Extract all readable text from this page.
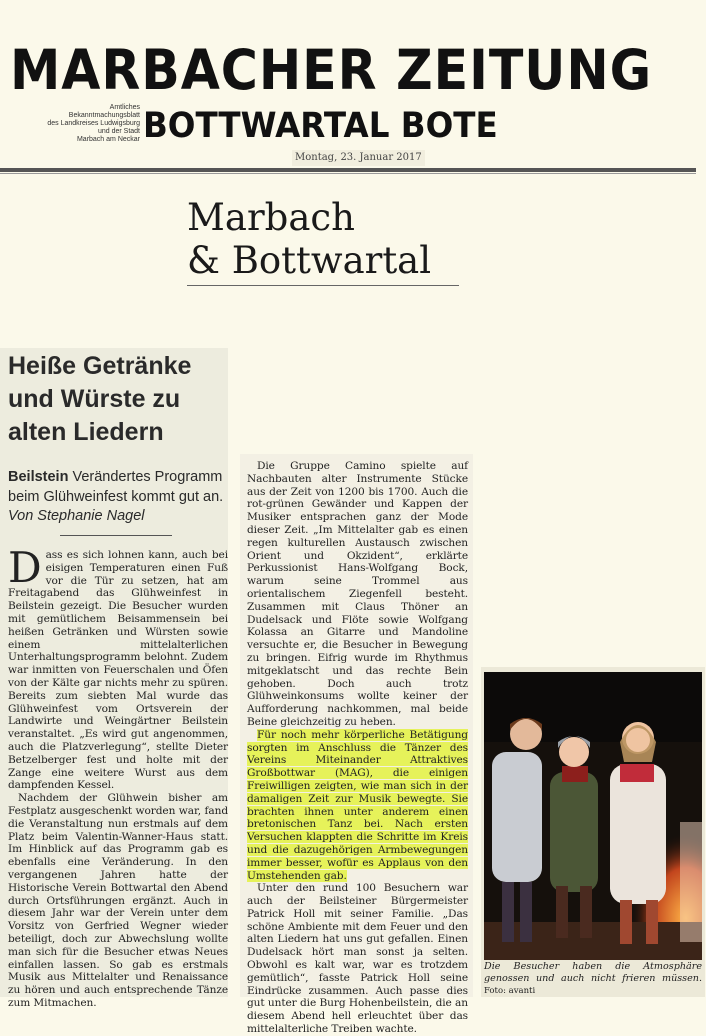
MARBACHER ZEITUNG
Amtliches
Bekanntmachungsblatt
des Landkreises Ludwigsburg
und der Stadt
Marbach am Neckar BOTTWARTAL BOTE
Montag, 23. Januar 2017
Marbach
& Bottwartal
Heiße Getränke und Würste zu alten Liedern
Beilstein Verändertes Programm beim Glühweinfest kommt gut an. Von Stephanie Nagel

Dass es sich lohnen kann, auch bei eisigen Temperaturen einen Fuß vor die Tür zu setzen, hat am Freitagabend das Glühweinfest in Beilstein gezeigt. Die Besucher wurden mit gemütlichem Beisammensein bei heißen Getränken und Würsten sowie einem mittelalterlichen Unterhaltungsprogramm belohnt. Zudem war inmitten von Feuerschalen und Öfen von der Kälte gar nichts mehr zu spüren. Bereits zum siebten Mal wurde das Glühweinfest vom Ortsverein der Landwirte und Weingärtner Beilstein veranstaltet. „Es wird gut angenommen, auch die Platzverlegung“, stellte Dieter Betzelberger fest und holte mit der Zange eine weitere Wurst aus dem dampfenden Kessel.

Nachdem der Glühwein bisher am Festplatz ausgeschenkt worden war, fand die Veranstaltung nun erstmals auf dem Platz beim Valentin-Wanner-Haus statt. Im Hinblick auf das Programm gab es ebenfalls eine Veränderung. In den vergangenen Jahren hatte der Historische Verein Bottwartal den Abend durch Ortsführungen ergänzt. Auch in diesem Jahr war der Verein unter dem Vorsitz von Gerfried Wegner wieder beteiligt, doch zur Abwechslung wollte man sich für die Besucher etwas Neues einfallen lassen. So gab es erstmals Musik aus Mittelalter und Renaissance zu hören und auch entsprechende Tänze zum Mitmachen.

Die Gruppe Camino spielte auf Nachbauten alter Instrumente Stücke aus der Zeit von 1200 bis 1700. Auch die rot-grünen Gewänder und Kappen der Musiker entsprachen ganz der Mode dieser Zeit. „Im Mittelalter gab es einen regen kulturellen Austausch zwischen Orient und Okzident“, erklärte Perkussionist Hans-Wolfgang Bock, warum seine Trommel aus orientalischem Ziegenfell besteht. Zusammen mit Claus Thöner an Dudelsack und Flöte sowie Wolfgang Kolassa an Gitarre und Mandoline versuchte er, die Besucher in Bewegung zu bringen. Eifrig wurde im Rhythmus mitgeklatscht und das rechte Bein gehoben. Doch auch trotz Glühweinkonsums wollte keiner der Aufforderung nachkommen, mal beide Beine gleichzeitig zu heben.

Für noch mehr körperliche Betätigung sorgten im Anschluss die Tänzer des Vereins Miteinander Attraktives Großbottwar (MAG), die einigen Freiwilligen zeigten, wie man sich in der damaligen Zeit zur Musik bewegte. Sie brachten ihnen unter anderem einen bretonischen Tanz bei. Nach ersten Versuchen klappten die Schritte im Kreis und die dazugehörigen Armbewegungen immer besser, wofür es Applaus von den Umstehenden gab.

Unter den rund 100 Besuchern war auch der Beilsteiner Bürgermeister Patrick Holl mit seiner Familie. „Das schöne Ambiente mit dem Feuer und den alten Liedern hat uns gut gefallen. Einen Dudelsack hört man sonst ja selten. Obwohl es kalt war, war es trotzdem gemütlich“, fasste Patrick Holl seine Eindrücke zusammen. Auch passe dies gut unter die Burg Hohenbeilstein, die an diesem Abend hell erleuchtet über das mittelalterliche Treiben wachte.

Die Besucher haben die Atmosphäre genossen und auch nicht frieren müssen. Foto: avanti
